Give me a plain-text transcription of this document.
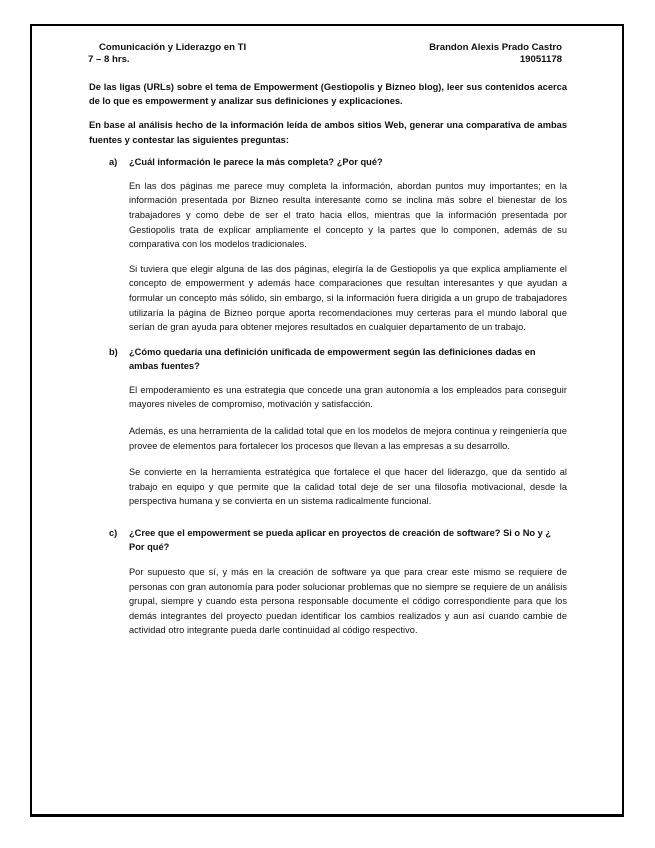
Comunicación y Liderazgo en TI
7 – 8 hrs.
Brandon Alexis Prado Castro
19051178

De las ligas (URLs) sobre el tema de Empowerment (Gestiopolis y Bizneo blog), leer sus contenidos acerca de lo que es empowerment y analizar sus definiciones y explicaciones.

En base al análisis hecho de la información leída de ambos sitios Web, generar una comparativa de ambas fuentes y contestar las siguientes preguntas:

a)	¿Cuál información le parece la más completa? ¿Por qué?

En las dos páginas me parece muy completa la información, abordan puntos muy importantes; en la información presentada por Bizneo resulta interesante como se inclina más sobre el bienestar de los trabajadores y como debe de ser el trato hacia ellos, mientras que la información presentada por Gestiopolis trata de explicar ampliamente el concepto y la partes que lo componen, además de su comparativa con los modelos tradicionales.

Si tuviera que elegir alguna de las dos páginas, elegiría la de Gestiopolis ya que explica ampliamente el concepto de empowerment y además hace comparaciones que resultan interesantes y que ayudan a formular un concepto más sólido, sin embargo, si la información fuera dirigida a un grupo de trabajadores utilizaría la página de Bizneo porque aporta recomendaciones muy certeras para el mundo laboral que serían de gran ayuda para obtener mejores resultados en cualquier departamento de un trabajo.

b)	¿Cómo quedaría una definición unificada de empowerment según las definiciones dadas en ambas fuentes?

El empoderamiento es una estrategia que concede una gran autonomía a los empleados para conseguir mayores niveles de compromiso, motivación y satisfacción.

Además, es una herramienta de la calidad total que en los modelos de mejora continua y reingeniería que provee de elementos para fortalecer los procesos que llevan a las empresas a su desarrollo.

Se convierte en la herramienta estratégica que fortalece el que hacer del liderazgo, que da sentido al trabajo en equipo y que permite que la calidad total deje de ser una filosofía motivacional, desde la perspectiva humana y se convierta en un sistema radicalmente funcional.

c)	¿Cree que el empowerment se pueda aplicar en proyectos de creación de software? Si o No y ¿ Por qué?

Por supuesto que sí, y más en la creación de software ya que para crear este mismo se requiere de personas con gran autonomía para poder solucionar problemas que no siempre se requiere de un análisis grupal, siempre y cuando esta persona responsable documente el código correspondiente para que los demás integrantes del proyecto puedan identificar los cambios realizados y aun así cuando cambie de actividad otro integrante pueda darle continuidad al código respectivo.
